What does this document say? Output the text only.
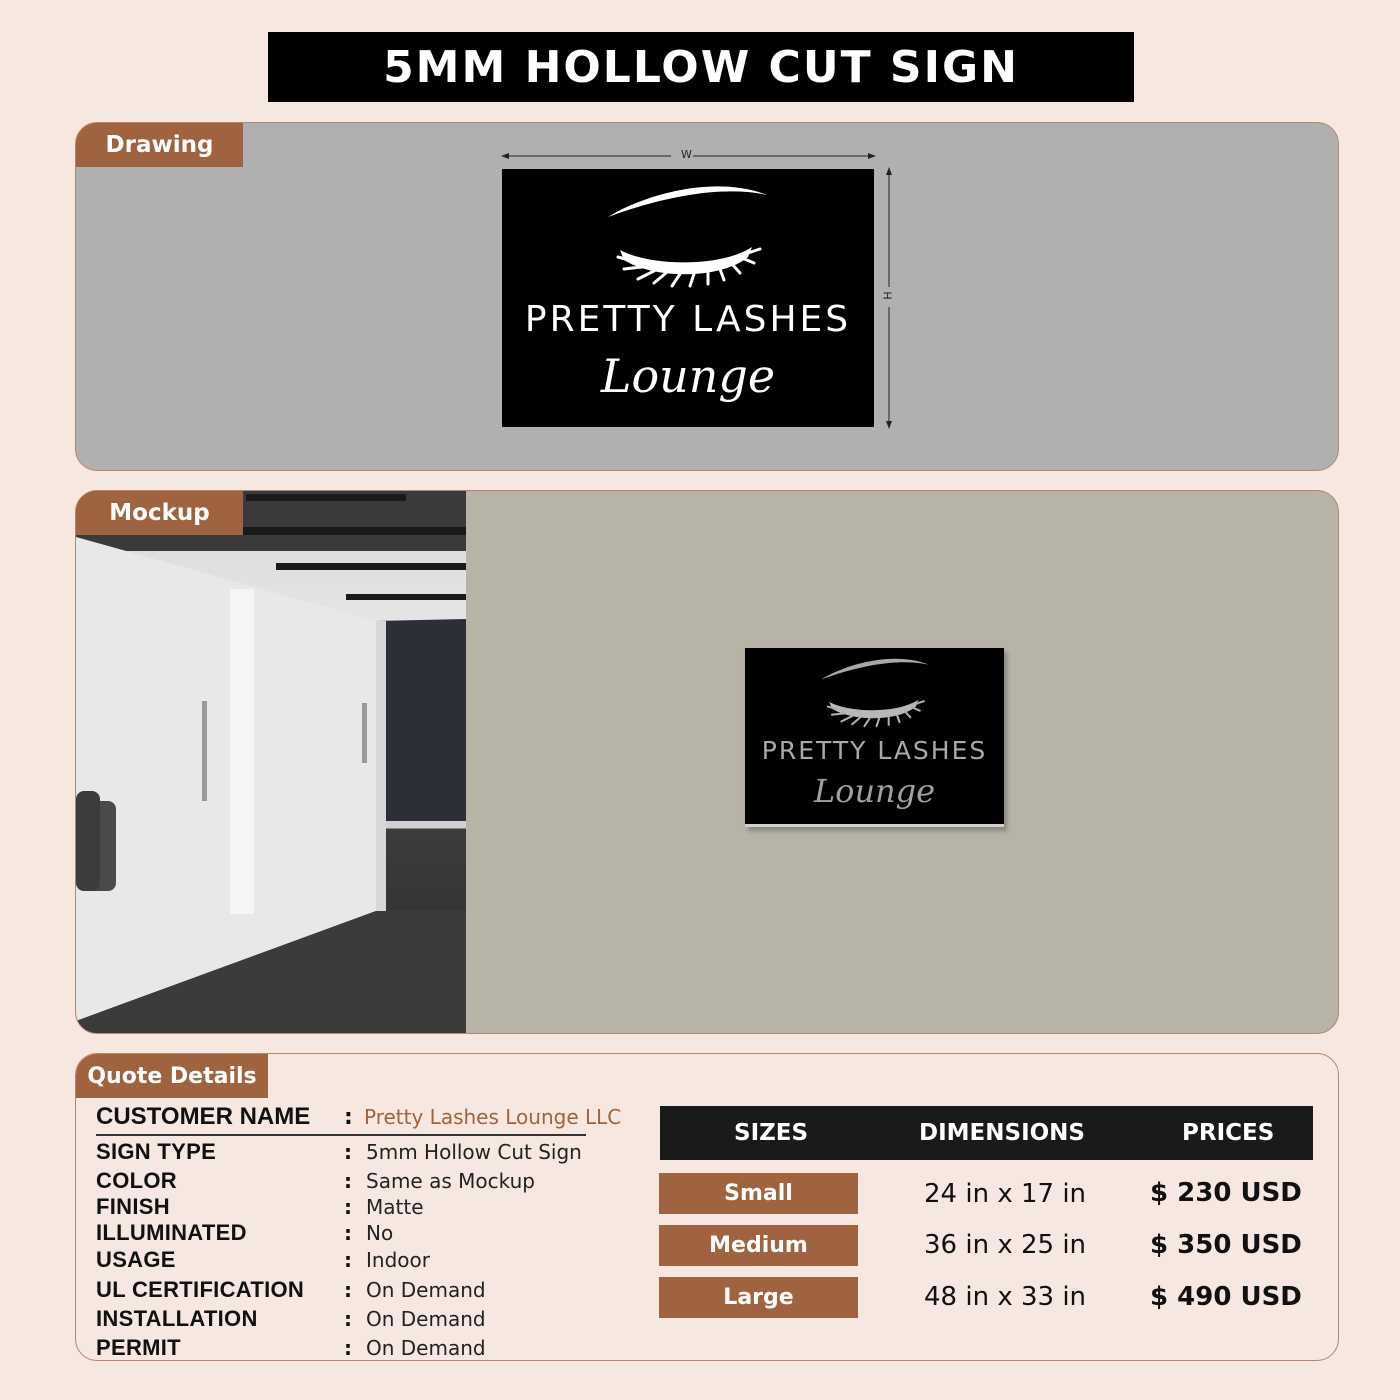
5MM HOLLOW CUT SIGN
Drawing	W
H
PRETTY LASHES
Lounge
Mockup
PRETTY LASHES
Lounge
Quote Details
CUSTOMER NAME	: Pretty Lashes Lounge LLC
SIGN TYPE	: 5mm Hollow Cut Sign
COLOR	: Same as Mockup
FINISH	: Matte
ILLUMINATED	: No
USAGE	: Indoor
UL CERTIFICATION	: On Demand
INSTALLATION	: On Demand
PERMIT	: On Demand
SIZES	DIMENSIONS	PRICES
Small	24 in x 17 in $ 230 USD
Medium	36 in x 25 in $ 350 USD
Large	48 in x 33 in $ 490 USD
